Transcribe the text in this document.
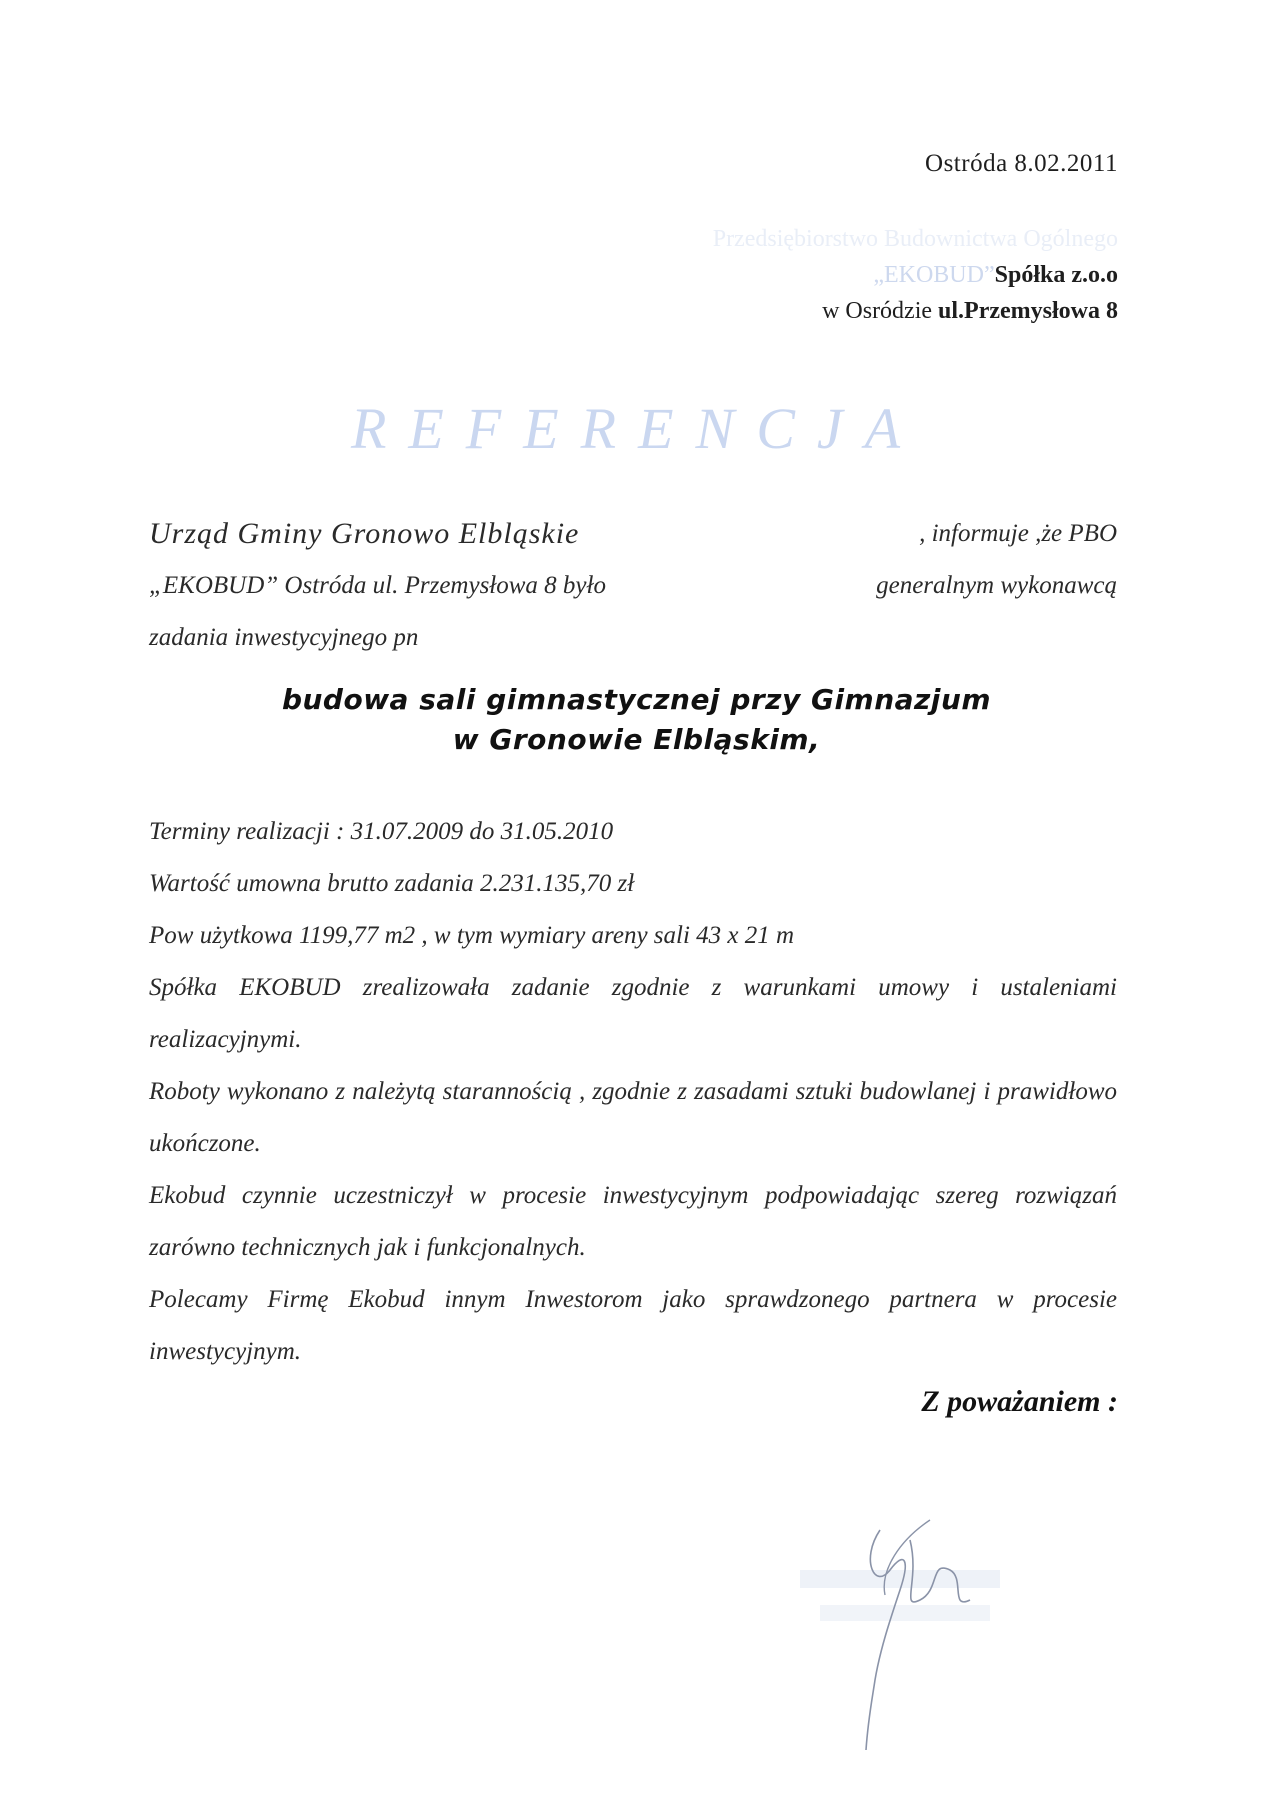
Ostróda 8.02.2011
Przedsiębiorstwo Budownictwa Ogólnego
„EKOBUD”Spółka z.o.o
w Osródzie ul.Przemysłowa 8
REFERENCJA
Urząd Gminy Gronowo Elbląskie	, informuje ,że PBO
„EKOBUD” Ostróda ul. Przemysłowa 8 było	generalnym wykonawcą
zadania inwestycyjnego pn
budowa sali gimnastycznej przy Gimnazjum
w Gronowie Elbląskim,
Terminy realizacji : 31.07.2009 do 31.05.2010
Wartość umowna brutto zadania 2.231.135,70 zł
Pow użytkowa 1199,77 m2 , w tym wymiary areny sali 43 x 21 m

Spółka EKOBUD zrealizowała zadanie zgodnie z warunkami umowy i ustaleniami realizacyjnymi.

Roboty wykonano z należytą starannością , zgodnie z zasadami sztuki budowlanej i prawidłowo ukończone.

Ekobud czynnie uczestniczył w procesie inwestycyjnym podpowiadając szereg rozwiązań zarówno technicznych jak i funkcjonalnych.

Polecamy Firmę Ekobud innym Inwestorom jako sprawdzonego partnera w procesie inwestycyjnym.

Z poważaniem :
